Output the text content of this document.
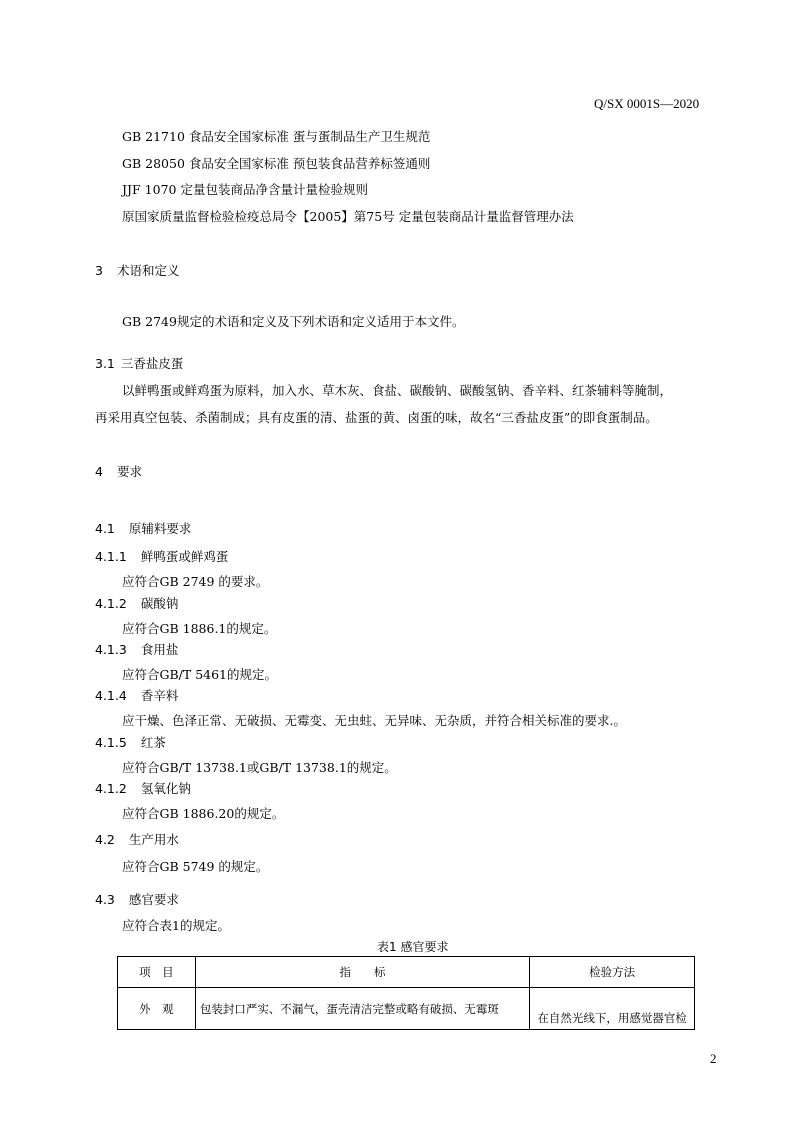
Q/SX 0001S—2020
GB 21710 食品安全国家标准 蛋与蛋制品生产卫生规范
GB 28050 食品安全国家标准 预包装食品营养标签通则
JJF 1070 定量包装商品净含量计量检验规则
原国家质量监督检验检疫总局令【2005】第75号 定量包装商品计量监督管理办法
3 术语和定义
GB 2749规定的术语和定义及下列术语和定义适用于本文件。
3.1 三香盐皮蛋
以鲜鸭蛋或鲜鸡蛋为原料，加入水、草木灰、食盐、碳酸钠、碳酸氢钠、香辛料、红茶辅料等腌制，
再采用真空包装、杀菌制成；具有皮蛋的清、盐蛋的黄、卤蛋的味，故名“三香盐皮蛋”的即食蛋制品。
4 要求
4.1 原辅料要求
4.1.1 鲜鸭蛋或鲜鸡蛋
应符合GB 2749 的要求。
4.1.2 碳酸钠
应符合GB 1886.1的规定。
4.1.3 食用盐
应符合GB/T 5461的规定。
4.1.4 香辛料
应干燥、色泽正常、无破损、无霉变、无虫蛀、无异味、无杂质，并符合相关标准的要求.。
4.1.5 红茶
应符合GB/T 13738.1或GB/T 13738.1的规定。
4.1.2 氢氧化钠
应符合GB 1886.20的规定。
4.2 生产用水
应符合GB 5749 的规定。
4.3 感官要求
应符合表1的规定。
表1 感官要求
项　目	指　　标	检验方法
外　观	包装封口严实、不漏气，蛋壳清洁完整或略有破损、无霉斑	在自然光线下，用感觉器官检
2
